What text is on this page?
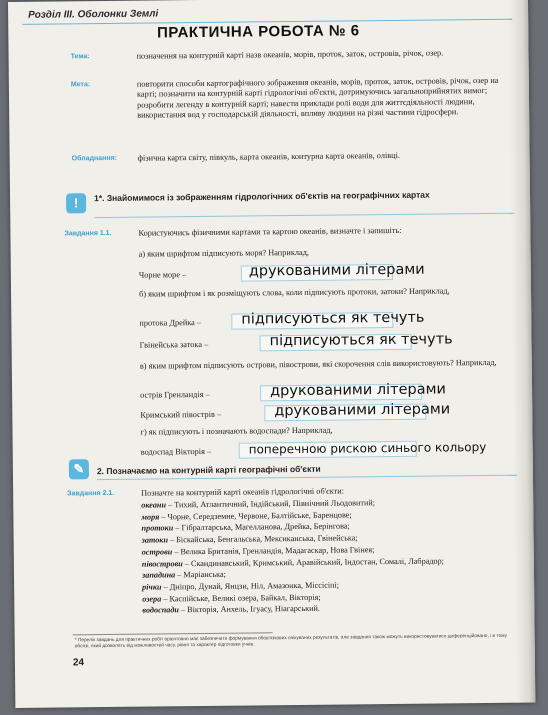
Розділ ІІІ. Оболонки Землі
ПРАКТИЧНА РОБОТА № 6
Тема:	позначення на контурній карті назв океанів, морів, проток, заток, островів, річок, озер.
Мета:	повторити способи картографічного зображення океанів, морів, проток, заток, островів, річок, озер на карті; позначити на контурній карті гідрологічні об'єкти, дотримуючись загальноприйнятих вимог; розробити легенду в контурній карті; навести приклади ролі води для життєдіяльності людини, використання вод у господарській діяльності, впливу людини на різні частини гідросфери.
Обладнання: фізична карта світу, півкуль, карта океанів, контурна карта океанів, олівці.
!	1*. Знайомимося із зображенням гідрологічних об'єктів на географічних картах
Завдання 1.1.	Користуючись фізичними картами та картою океанів, визначте і запишіть:
а) яким шрифтом підписують моря? Наприклад,
Чорне море –	друкованими літерами
б) яким шрифтом і як розміщують слова, коли підписують протоки, затоки? Наприклад,
протока Дрейка –	підписуються як течуть
Гвінейська затока –	підписуються як течуть
в) яким шрифтом підписують острови, півострови, які скорочення слів використовують? Наприклад,
острів Гренландія –	друкованими літерами
Кримський півострів –	друкованими літерами
г) як підписують і позначають водоспади? Наприклад,
водоспад Вікторія –	поперечною рискою синього кольору
✎	2. Позначаємо на контурній карті географічні об'єкти
Завдання 2.1.	Позначте на контурній карті океанів гідрологічні об'єкти:
океани – Тихий, Атлантичний, Індійський, Північний Льодовитий;
моря – Чорне, Середземне, Червоне, Балтійське, Баренцове;
протоки – Гібралтарська, Магелланова, Дрейка, Берінгова;
затоки – Біскайська, Бенгальська, Мексиканська, Гвінейська;
острови – Велика Британія, Гренландія, Мадагаскар, Нова Гвінея;
півострови – Скандинавський, Кримський, Аравійський, Індостан, Сомалі, Лабрадор;
западина – Маріанська;
річки – Дніпро, Дунай, Янцзи, Ніл, Амазонка, Міссісіпі;
озера – Каспійське, Великі озера, Байкал, Вікторія;
водоспади – Вікторія, Анхель, Ігуасу, Ніагарський.
* Перелік завдань для практичних робіт орієнтовно має забезпечити формування обов'язкових очікуваних результатів, але завдання також можуть використовуватися диференційовано, і в тому обсязі, який дозволять від можливостей часу, рівня та характер підготовки учнів.
24
